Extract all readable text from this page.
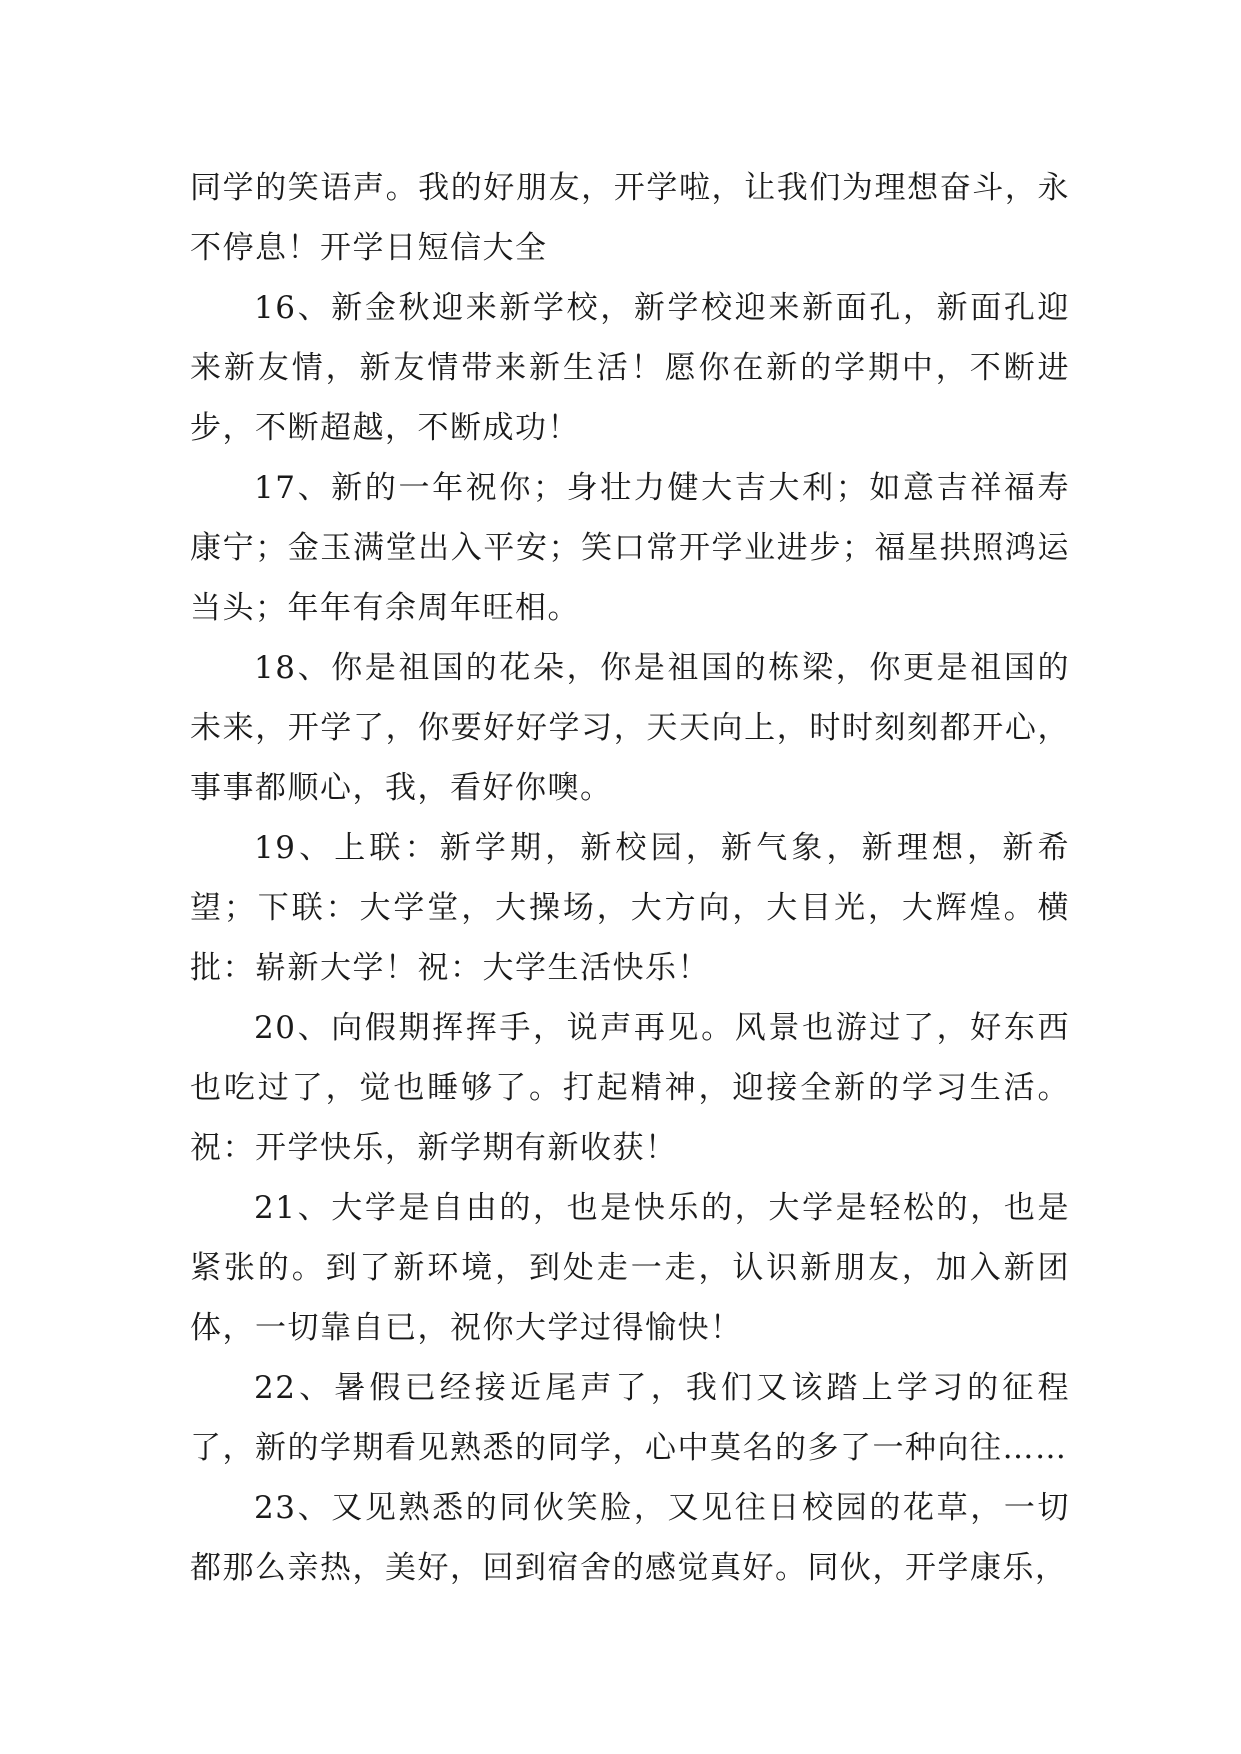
同学的笑语声。我的好朋友，开学啦，让我们为理想奋斗，永不停息！开学日短信大全

16、新金秋迎来新学校，新学校迎来新面孔，新面孔迎来新友情，新友情带来新生活！愿你在新的学期中，不断进步，不断超越，不断成功！

17、新的一年祝你；身壮力健大吉大利；如意吉祥福寿康宁；金玉满堂出入平安；笑口常开学业进步；福星拱照鸿运当头；年年有余周年旺相。

18、你是祖国的花朵，你是祖国的栋梁，你更是祖国的未来，开学了，你要好好学习，天天向上，时时刻刻都开心，事事都顺心，我，看好你噢。

19、上联：新学期，新校园，新气象，新理想，新希望；下联：大学堂，大操场，大方向，大目光，大辉煌。横批：崭新大学！祝：大学生活快乐！

20、向假期挥挥手，说声再见。风景也游过了，好东西也吃过了，觉也睡够了。打起精神，迎接全新的学习生活。祝：开学快乐，新学期有新收获！

21、大学是自由的，也是快乐的，大学是轻松的，也是紧张的。到了新环境，到处走一走，认识新朋友，加入新团体，一切靠自已，祝你大学过得愉快！

22、暑假已经接近尾声了，我们又该踏上学习的征程了，新的学期看见熟悉的同学，心中莫名的多了一种向往……

23、又见熟悉的同伙笑脸，又见往日校园的花草，一切都那么亲热，美好，回到宿舍的感觉真好。同伙，开学康乐，
